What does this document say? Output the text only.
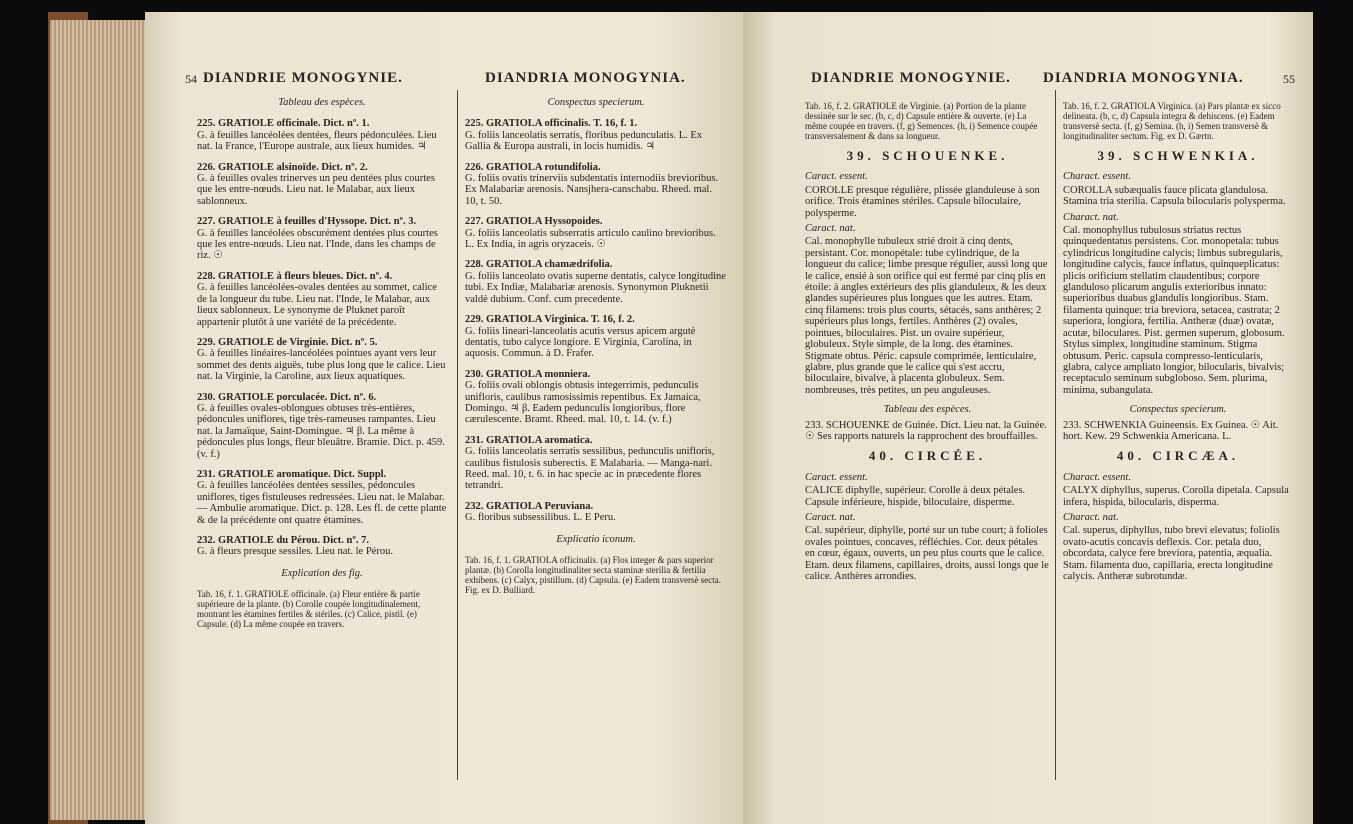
54 DIANDRIE MONOGYNIE.	DIANDRIA MONOGYNIA.

Tableau des espèces.

225. GRATIOLE officinale. Dict. nº. 1.

G. à feuilles lancéolées dentées, fleurs pédonculées. Lieu nat. la France, l'Europe australe, aux lieux humides. ♃

226. GRATIOLE alsinoïde. Dict. nº. 2.

G. à feuilles ovales trinerves un peu dentées plus courtes que les entre-nœuds. Lieu nat. le Malabar, aux lieux sablonneux.

227. GRATIOLE à feuilles d'Hyssope. Dict. nº. 3.

G. à feuilles lancéolées obscurément dentées plus courtes que les entre-nœuds. Lieu nat. l'Inde, dans les champs de riz. ☉

228. GRATIOLE à fleurs bleues. Dict. nº. 4.

G. à feuilles lancéolées-ovales dentées au sommet, calice de la longueur du tube. Lieu nat. l'Inde, le Malabar, aux lieux sablonneux. Le synonyme de Pluknet paroît appartenir plutôt à une variété de la précédente.

229. GRATIOLE de Virginie. Dict. nº. 5.

G. à feuilles linéaires-lancéolées pointues ayant vers leur sommet des dents aiguës, tube plus long que le calice. Lieu nat. la Virginie, la Caroline, aux lieux aquatiques.

230. GRATIOLE porculacée. Dict. nº. 6.

G. à feuilles ovales-oblongues obtuses très-entières, pédoncules uniflores, tige très-rameuses rampantes. Lieu nat. la Jamaïque, Saint-Domingue. ♃ β. La même à pédoncules plus longs, fleur bleuâtre. Bramie. Dict. p. 459. (v. f.)

231. GRATIOLE aromatique. Dict. Suppl.

G. à feuilles lancéolées dentées sessiles, pédoncules uniflores, tiges fistuleuses redressées. Lieu nat. le Malabar. — Ambulie aromatique. Dict. p. 128. Les fl. de cette plante & de la précédente ont quatre étamines.

232. GRATIOLE du Pérou. Dict. nº. 7.

G. à fleurs presque sessiles. Lieu nat. le Pérou.

Explication des fig.

Tab. 16, f. 1. GRATIOLE officinale. (a) Fleur entière & partie supérieure de la plante. (b) Corolle coupée longitudinalement, montrant les étamines fertiles & stériles. (c) Calice, pistil. (e) Capsule. (d) La même coupée en travers.

Conspectus specierum.

225. GRATIOLA officinalis. T. 16, f. 1.

G. foliis lanceolatis serratis, floribus pedunculatis. L. Ex Gallia & Europa australi, in locis humidis. ♃

226. GRATIOLA rotundifolia.

G. foliis ovatis trinerviis subdentatis internodiis brevioribus. Ex Malabariæ arenosis. Nansjhera-canschabu. Rheed. mal. 10, t. 50.

227. GRATIOLA Hyssopoides.

G. foliis lanceolatis subserratis articulo caulino brevioribus. L. Ex India, in agris oryzaceis. ☉

228. GRATIOLA chamædrifolia.

G. foliis lanceolato ovatis superne dentatis, calyce longitudine tubi. Ex Indiæ, Malabariæ arenosis. Synonymon Pluknetii valdè dubium. Conf. cum precedente.

229. GRATIOLA Virginica. T. 16, f. 2.

G. foliis lineari-lanceolatis acutis versus apicem argutè dentatis, tubo calyce longiore. E Virginia, Carolina, in aquosis. Commun. à D. Frafer.

230. GRATIOLA monniera.

G. foliis ovali oblongis obtusis integerrimis, pedunculis unifloris, caulibus ramosissimis repentibus. Ex Jamaica, Domingo. ♃ β. Eadem pedunculis longioribus, flore cærulescente. Bramt. Rheed. mal. 10, t. 14. (v. f.)

231. GRATIOLA aromatica.

G. foliis lanceolatis serratis sessilibus, pedunculis unifloris, caulibus fistulosis suberectis. E Malabaria. — Manga-nari. Reed. mal. 10, t. 6. in hac specie ac in præcedente flores tetrandri.

232. GRATIOLA Peruviana.

G. floribus subsessilibus. L. E Peru.

Explicatio iconum.

Tab. 16, f. 1. GRATIOLA officinalis. (a) Flos integer & pars superior plantæ. (b) Corolla longitudinaliter secta staminæ sterilia & fertilia exhibens. (c) Calyx, pistillum. (d) Capsula. (e) Eadem transversè secta. Fig. ex D. Bulliard.

DIANDRIE MONOGYNIE. DIANDRIA MONOGYNIA.	55

Tab. 16, f. 2. GRATIOLE de Virginie. (a) Portion de la plante dessinée sur le sec. (b, c, d) Capsule entière & ouverte. (e) La même coupée en travers. (f, g) Semences. (h, i) Semence coupée transversalement & dans sa longueur.

39. SCHOUENKE.

Caract. essent.

COROLLE presque régulière, plissée glanduleuse à son orifice. Trois étamines stériles. Capsule biloculaire, polysperme.

Caract. nat.

Cal. monophylle tubuleux strié droit à cinq dents, persistant. Cor. monopétale: tube cylindrique, de la longueur du calice; limbe presque régulier, aussi long que le calice, ensié à son orifice qui est fermé par cinq plis en étoile: à angles extérieurs des plis glanduleux, & les deux glandes supérieures plus longues que les autres. Etam. cinq filamens: trois plus courts, sétacés, sans anthères; 2 supérieurs plus longs, fertiles. Anthères (2) ovales, pointues, biloculaires. Pist. un ovaire supérieur, globuleux. Style simple, de la long. des étamines. Stigmate obtus. Péric. capsule comprimée, lenticulaire, glabre, plus grande que le calice qui s'est accru, biloculaire, bivalve, à placenta globuleux. Sem. nombreuses, très petites, un peu anguleuses.

Tableau des espèces.

233. SCHOUENKE de Guinée. Dict. Lieu nat. la Guinée. ☉ Ses rapports naturels la rapprochent des brouffailles.

40. CIRCÉE.

Caract. essent.

CALICE diphylle, supérieur. Corolle à deux pétales. Capsule inférieure, hispide, biloculaire, disperme.

Caract. nat.

Cal. supérieur, diphylle, porté sur un tube court; à folioles ovales pointues, concaves, réfléchies. Cor. deux pétales en cœur, égaux, ouverts, un peu plus courts que le calice. Etam. deux filamens, capillaires, droits, aussi longs que le calice. Anthères arrondies.

Tab. 16, f. 2. GRATIOLA Virginica. (a) Pars plantæ ex sicco delineata. (b, c, d) Capsula integra & dehiscens. (e) Eadem transversè secta. (f, g) Semina. (h, i) Semen transversè & longitudinaliter sectum. Fig. ex D. Gærtn.

39. SCHWENKIA.

Charact. essent.

COROLLA subæqualis fauce plicata glandulosa. Stamina tria sterilia. Capsula bilocularis polysperma.

Charact. nat.

Cal. monophyllus tubulosus striatus rectus quinquedentatus persistens. Cor. monopetala: tubus cylindricus longitudine calycis; limbus subregularis, longitudine calycis, fauce inflatus, quinqueplicatus: plicis orificium stellatim claudentibus; corpore glanduloso plicarum angulis exterioribus innato: superioribus duabus glandulis longioribus. Stam. filamenta quinque: tria breviora, setacea, castrata; 2 superiora, longiora, fertilia. Antheræ (duæ) ovatæ, acutæ, biloculares. Pist. germen superum, globosum. Stylus simplex, longitudine staminum. Stigma obtusum. Peric. capsula compresso-lenticularis, glabra, calyce ampliato longior, bilocularis, bivalvis; receptaculo seminum subgloboso. Sem. plurima, minima, subangulata.

Conspectus specierum.

233. SCHWENKIA Guineensis. Ex Guinea. ☉ Ait. hort. Kew. 29 Schwenkia Americana. L.

40. CIRCÆA.

Charact. essent.

CALYX diphyllus, superus. Corolla dipetala. Capsula infera, hispida, bilocularis, disperma.

Charact. nat.

Cal. superus, diphyllus, tubo brevi elevatus; foliolis ovato-acutis concavis deflexis. Cor. petala duo, obcordata, calyce fere breviora, patentia, æqualia. Stam. filamenta duo, capillaria, erecta longitudine calycis. Antheræ subrotundæ.
